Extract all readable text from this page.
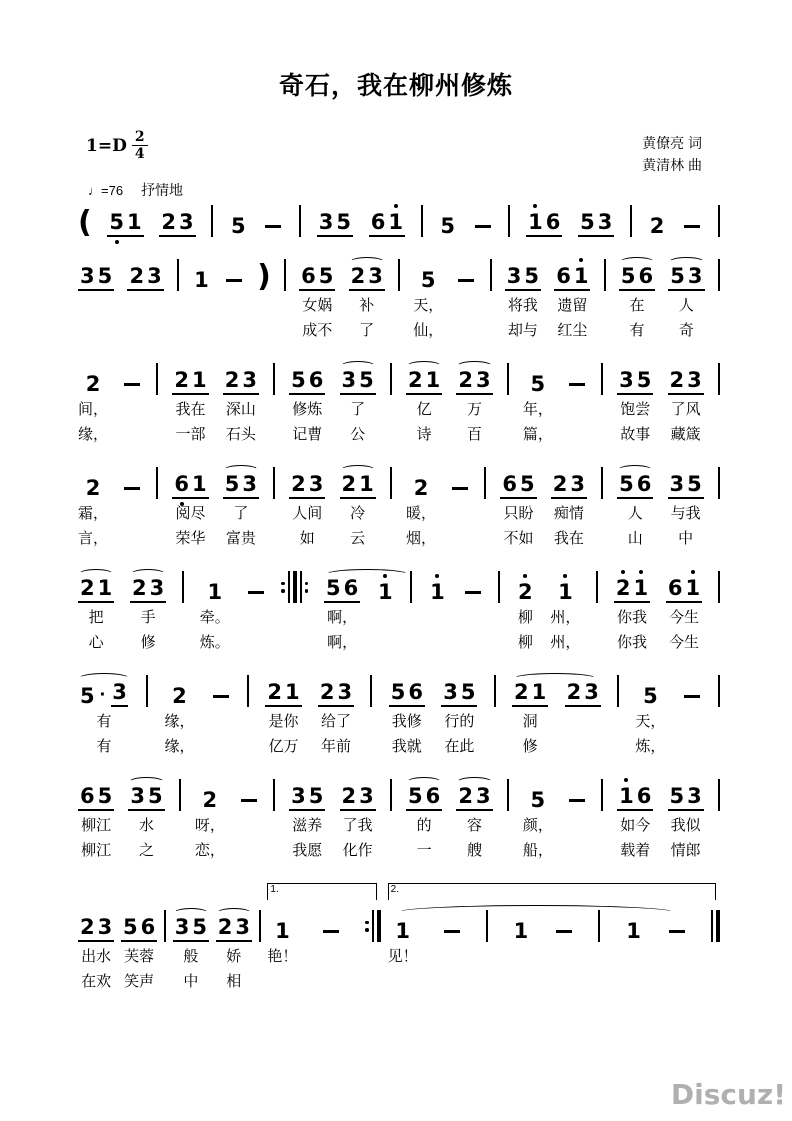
奇石，我在柳州修炼
$1=D \frac{2}{4}$	黄僚亮 词
黄清林 曲
♩=76 抒情地
( 5 1 2 3 5	3 5 6 1 5	1 6 5 3 2
3 5 2 3 1 ) 6 5
女娲
成不
2 3
补
了
5
天，
仙，
3 5
将我
却与
6 1
遗留
红尘
5 6
在
有
5 3
人
奇
2
间，
缘，
2 1
我在
一部
2 3
深山
石头
5 6
修炼
记曹
3 5
了
公
2 1
亿
诗
2 3
万
百
5
年，
篇，
3 5
饱尝
故事
2 3
了风
藏箴
2
霜，
言，
6 1
阅尽
荣华
5 3
了
富贵
2 3
人间
如
2 1
冷
云
2
暖，
烟，
6 5
只盼
不如
2 3
痴情
我在
5 6
人
山
3 5
与我
中
2 1
把
心
2 3
手
修
1
牵。
炼。
5 6
啊，
啊，
1 1	2
柳
柳
1
州，
州，
2 1
你我
你我
6 1
今生
今生
5 · 3
有
有
2
缘，
缘，
2 1
是你
亿万
2 3
给了
年前
5 6
我修
我就
3 5
行的
在此
2 1
洞
修
2 3 5
天，
炼，
6 5
柳江
柳江
3 5
水
之
2
呀，
恋，
3 5
滋养
我愿
2 3
了我
化作
5 6
的
一
2 3
容
艘
5
颜，
船，
1 6
如今
载着
5 3
我似
情郎
2 3
出水
在欢
5 6
芙蓉
笑声
3 5
般
中
2 3
娇
相
1.
1
艳！
2.
1
见！
1	1
Discuz!
